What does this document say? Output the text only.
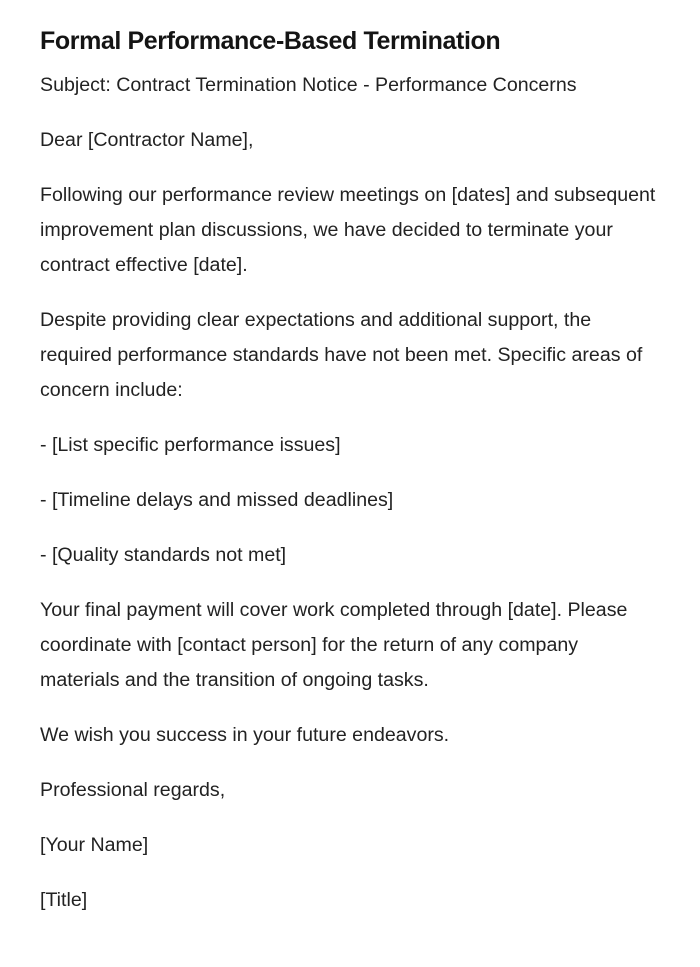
Formal Performance-Based Termination

Subject: Contract Termination Notice - Performance Concerns

Dear [Contractor Name],

Following our performance review meetings on [dates] and subsequent improvement plan discussions, we have decided to terminate your contract effective [date].

Despite providing clear expectations and additional support, the required performance standards have not been met. Specific areas of concern include:

- [List specific performance issues]

- [Timeline delays and missed deadlines]

- [Quality standards not met]

Your final payment will cover work completed through [date]. Please coordinate with [contact person] for the return of any company materials and the transition of ongoing tasks.

We wish you success in your future endeavors.

Professional regards,

[Your Name]

[Title]
